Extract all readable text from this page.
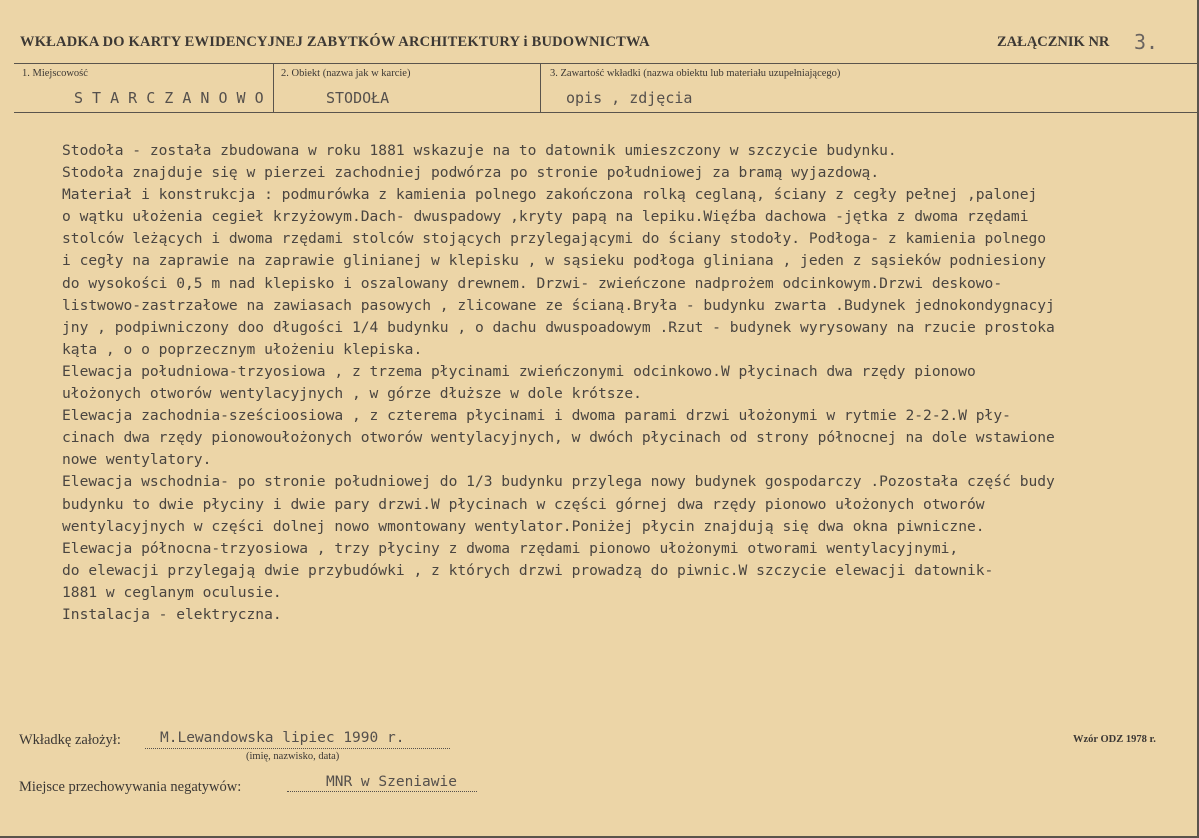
WKŁADKA DO KARTY EWIDENCYJNEJ ZABYTKÓW ARCHITEKTURY i BUDOWNICTWA	ZAŁĄCZNIK NR 3.
1. Miejscowość
S T A R C Z A N O W O
2. Obiekt (nazwa jak w karcie)
STODOŁA
3. Zawartość wkładki (nazwa obiektu lub materiału uzupełniającego)
opis , zdjęcia
Stodoła - została zbudowana w roku 1881 wskazuje na to datownik umieszczony w szczycie budynku.
Stodoła znajduje się w pierzei zachodniej podwórza po stronie południowej za bramą wyjazdową.
Materiał i konstrukcja : podmurówka z kamienia polnego zakończona rolką ceglaną, ściany z cegły pełnej ,palonej
o wątku ułożenia cegieł krzyżowym.Dach- dwuspadowy ,kryty papą na lepiku.Więźba dachowa -jętka z dwoma rzędami
stolców leżących i dwoma rzędami stolców stojących przylegającymi do ściany stodoły. Podłoga- z kamienia polnego
i cegły na zaprawie na zaprawie glinianej w klepisku , w sąsieku podłoga gliniana , jeden z sąsieków podniesiony
do wysokości 0,5 m nad klepisko i oszalowany drewnem. Drzwi- zwieńczone nadprożem odcinkowym.Drzwi deskowo-
listwowo-zastrzałowe na zawiasach pasowych , zlicowane ze ścianą.Bryła - budynku zwarta .Budynek jednokondygnacyj
jny , podpiwniczony doo długości 1/4 budynku , o dachu dwuspoadowym .Rzut - budynek wyrysowany na rzucie prostoka
kąta , o o poprzecznym ułożeniu klepiska.
Elewacja południowa-trzyosiowa , z trzema płycinami zwieńczonymi odcinkowo.W płycinach dwa rzędy pionowo
ułożonych otworów wentylacyjnych , w górze dłuższe w dole krótsze.
Elewacja zachodnia-sześcioosiowa , z czterema płycinami i dwoma parami drzwi ułożonymi w rytmie 2-2-2.W pły-
cinach dwa rzędy pionowoułożonych otworów wentylacyjnych, w dwóch płycinach od strony północnej na dole wstawione
nowe wentylatory.
Elewacja wschodnia- po stronie południowej do 1/3 budynku przylega nowy budynek gospodarczy .Pozostała część budy
budynku to dwie płyciny i dwie pary drzwi.W płycinach w części górnej dwa rzędy pionowo ułożonych otworów
wentylacyjnych w części dolnej nowo wmontowany wentylator.Poniżej płycin znajdują się dwa okna piwniczne.
Elewacja północna-trzyosiowa , trzy płyciny z dwoma rzędami pionowo ułożonymi otworami wentylacyjnymi,
do elewacji przylegają dwie przybudówki , z których drzwi prowadzą do piwnic.W szczycie elewacji datownik-
1881 w ceglanym oculusie.
Instalacja - elektryczna.
Wkładkę założył:	M.Lewandowska lipiec 1990 r.
(imię, nazwisko, data)
Wzór ODZ 1978 r.
Miejsce przechowywania negatywów:	MNR w Szeniawie
